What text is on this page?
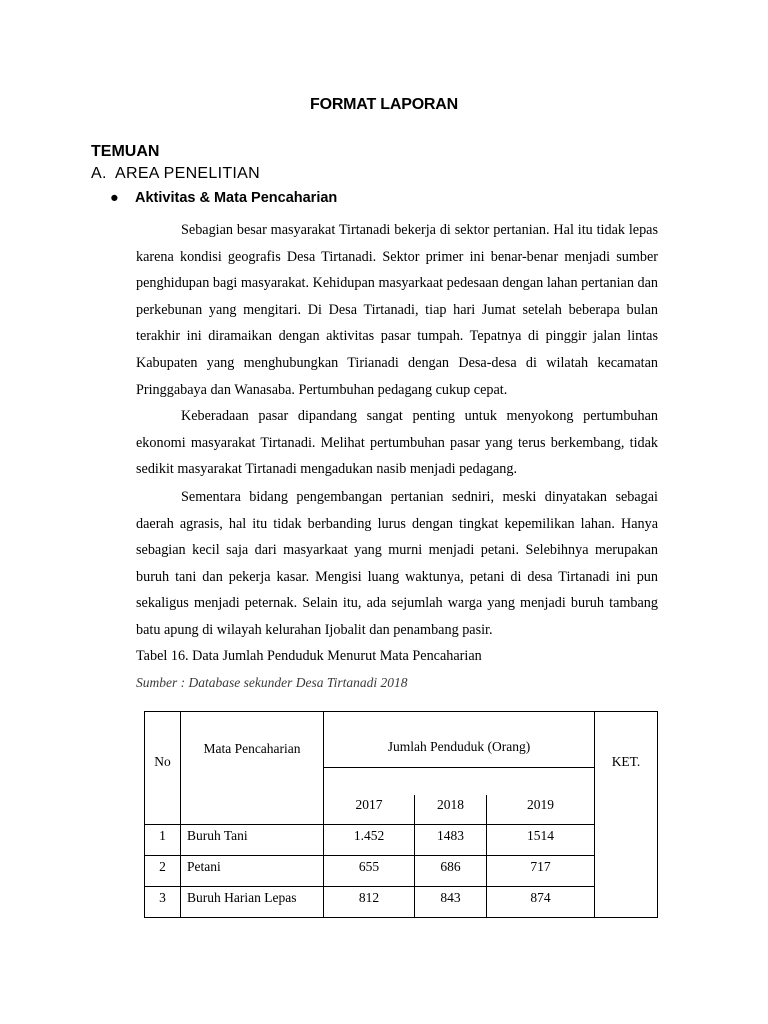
FORMAT LAPORAN
TEMUAN
A. AREA PENELITIAN
● Aktivitas & Mata Pencaharian

Sebagian besar masyarakat Tirtanadi bekerja di sektor pertanian. Hal itu tidak lepas karena kondisi geografis Desa Tirtanadi. Sektor primer ini benar-benar menjadi sumber penghidupan bagi masyarakat. Kehidupan masyarkaat pedesaan dengan lahan pertanian dan perkebunan yang mengitari. Di Desa Tirtanadi, tiap hari Jumat setelah beberapa bulan terakhir ini diramaikan dengan aktivitas pasar tumpah. Tepatnya di pinggir jalan lintas Kabupaten yang menghubungkan Tirianadi dengan Desa-desa di wilatah kecamatan Pringgabaya dan Wanasaba. Pertumbuhan pedagang cukup cepat.

Keberadaan pasar dipandang sangat penting untuk menyokong pertumbuhan ekonomi masyarakat Tirtanadi. Melihat pertumbuhan pasar yang terus berkembang, tidak sedikit masyarakat Tirtanadi mengadukan nasib menjadi pedagang.

Sementara bidang pengembangan pertanian sedniri, meski dinyatakan sebagai daerah agrasis, hal itu tidak berbanding lurus dengan tingkat kepemilikan lahan. Hanya sebagian kecil saja dari masyarkaat yang murni menjadi petani. Selebihnya merupakan buruh tani dan pekerja kasar. Mengisi luang waktunya, petani di desa Tirtanadi ini pun sekaligus menjadi peternak. Selain itu, ada sejumlah warga yang menjadi buruh tambang batu apung di wilayah kelurahan Ijobalit dan penambang pasir.

Tabel 16. Data Jumlah Penduduk Menurut Mata Pencaharian
Sumber : Database sekunder Desa Tirtanadi 2018
No
Mata Pencaharian	Jumlah Penduduk (Orang)
KET.
2017	2018	2019
1	Buruh Tani	1.452	1483	1514
2	Petani	655	686	717
3	Buruh Harian Lepas	812	843	874
